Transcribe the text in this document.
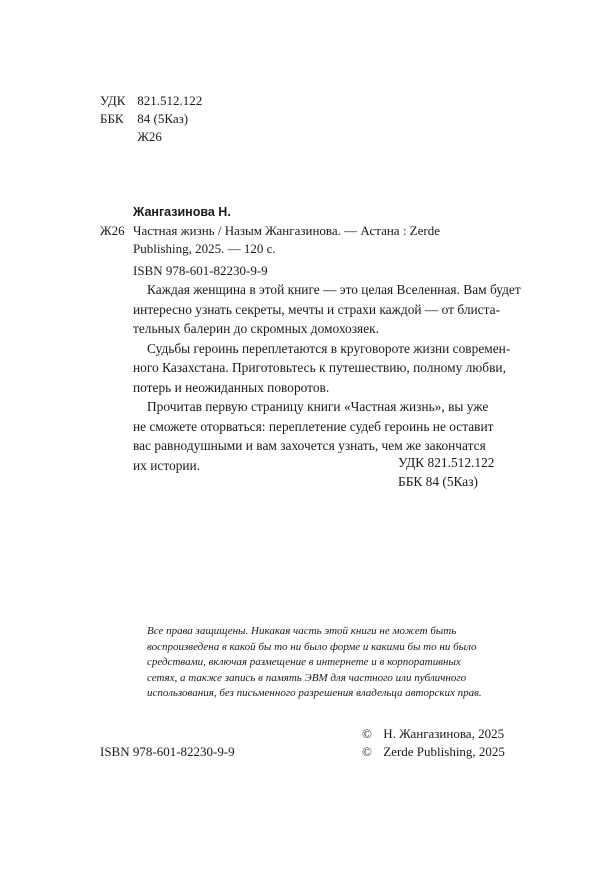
УДК 821.512.122
ББК 84 (5Каз)
Ж26
Жангазинова Н.
Ж26 Частная жизнь / Назым Жангазинова. — Астана : Zerde
Publishing, 2025. — 120 с.
ISBN 978-601-82230-9-9
Каждая женщина в этой книге — это целая Вселенная. Вам будет
интересно узнать секреты, мечты и страхи каждой — от блиста-
тельных балерин до скромных домохозяек.
Судьбы героинь переплетаются в круговороте жизни современ-
ного Казахстана. Приготовьтесь к путешествию, полному любви,
потерь и неожиданных поворотов.
Прочитав первую страницу книги «Частная жизнь», вы уже
не сможете оторваться: переплетение судеб героинь не оставит
вас равнодушными и вам захочется узнать, чем же закончатся
их истории.	УДК 821.512.122
ББК 84 (5Каз)
Все права защищены. Никакая часть этой книги не может быть
воспроизведена в какой бы то ни было форме и какими бы то ни было
средствами, включая размещение в интернете и в корпоративных
сетях, а также запись в память ЭВМ для частного или публичного
использования, без письменного разрешения владельца авторских прав.
ISBN 978-601-82230-9-9
© Н. Жангазинова, 2025
© Zerde Publishing, 2025
